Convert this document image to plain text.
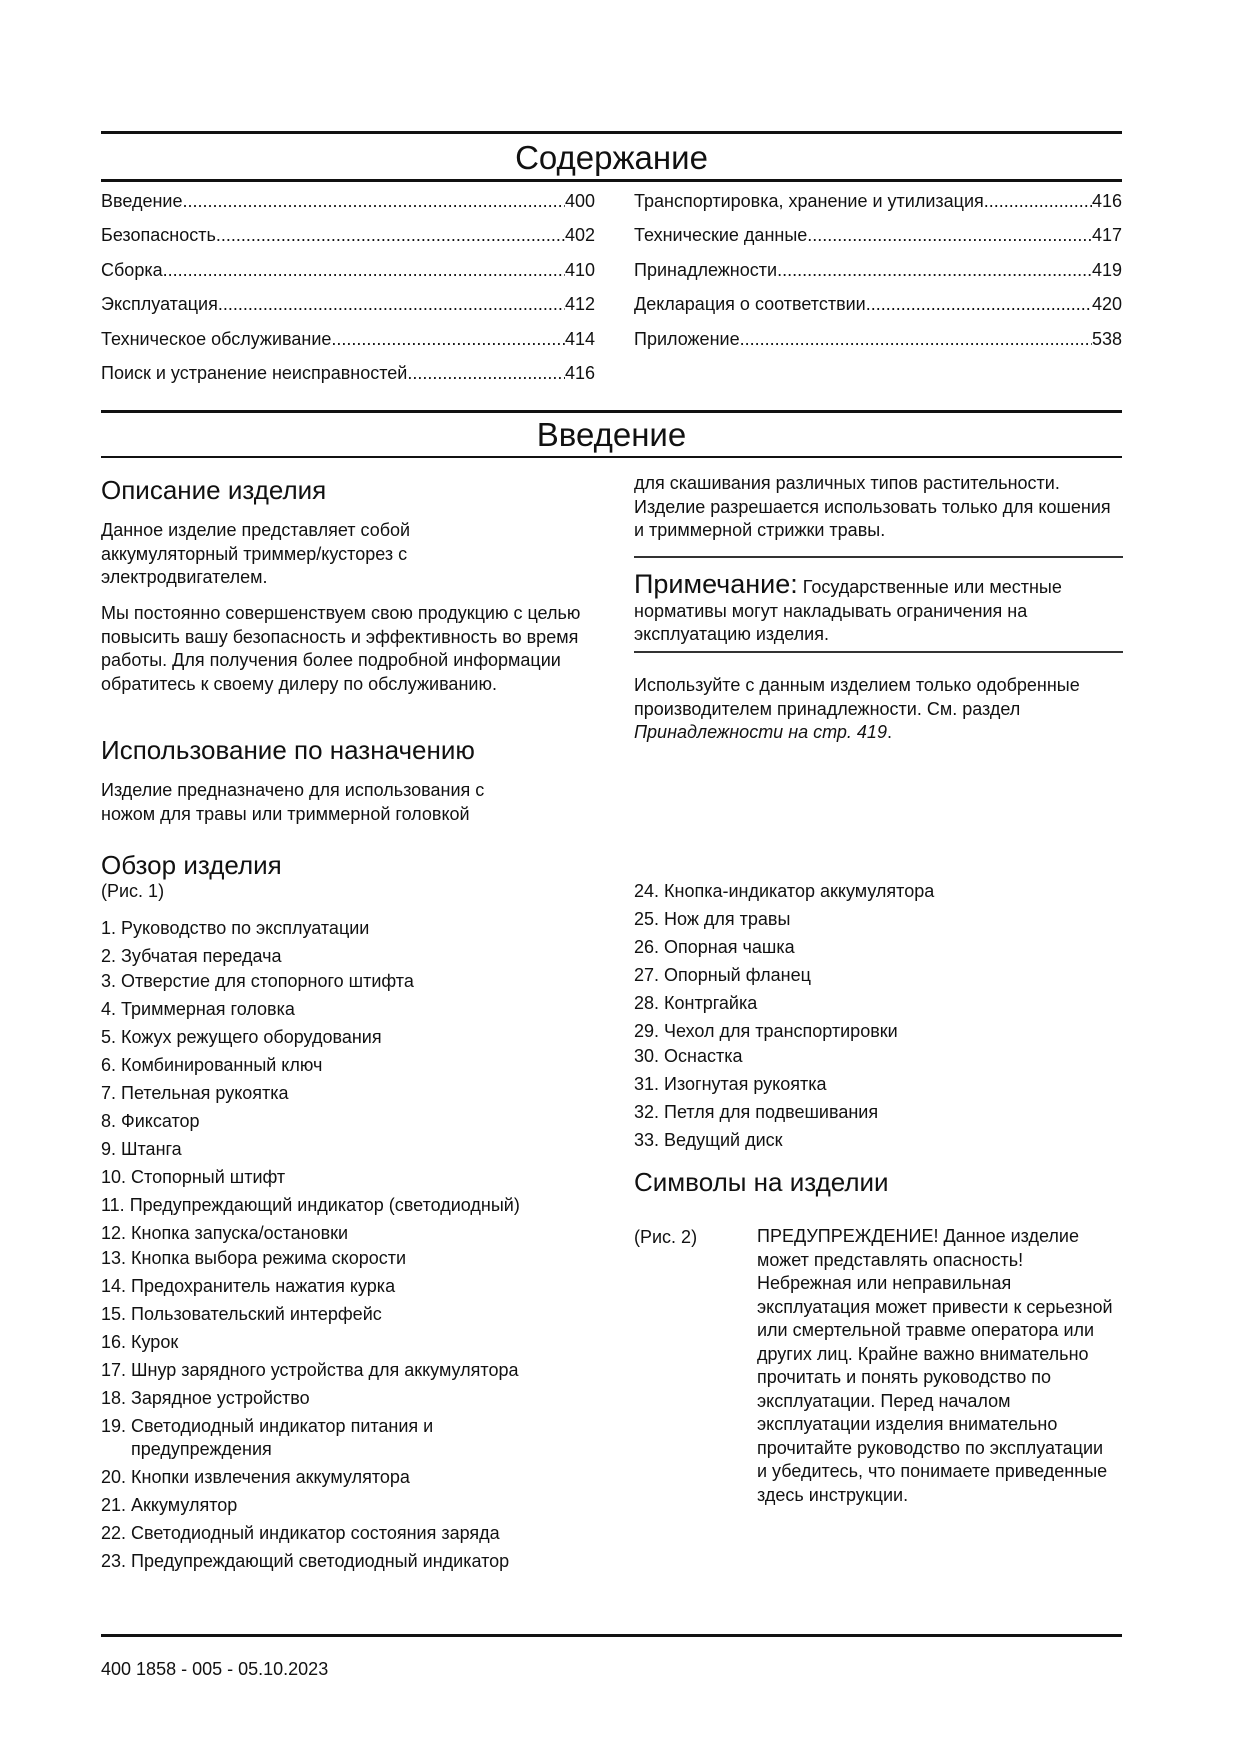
Содержание
Введение .....	400
Безопасность .....	402
Сборка .....	410
Эксплуатация .....	412
Техническое обслуживание .....	414
Поиск и устранение неисправностей .....	416
Транспортировка, хранение и утилизация .....	416
Технические данные .....	417
Принадлежности .....	419
Декларация о соответствии .....	420
Приложение .....	538
Введение
Описание изделия

Данное изделие представляет собой аккумуляторный триммер/кусторез с электродвигателем.

Мы постоянно совершенствуем свою продукцию с целью повысить вашу безопасность и эффективность во время работы. Для получения более подробной информации обратитесь к своему дилеру по обслуживанию.

Использование по назначению

Изделие предназначено для использования с ножом для травы или триммерной головкой

для скашивания различных типов растительности. Изделие разрешается использовать только для кошения и триммерной стрижки травы.

Примечание: Государственные или местные нормативы могут накладывать ограничения на эксплуатацию изделия.

Используйте с данным изделием только одобренные производителем принадлежности. См. раздел Принадлежности на стр. 419.

Обзор изделия
(Рис. 1)
1. Руководство по эксплуатации
2. Зубчатая передача
3. Отверстие для стопорного штифта
4. Триммерная головка
5. Кожух режущего оборудования
6. Комбинированный ключ
7. Петельная рукоятка
8. Фиксатор
9. Штанга
10. Стопорный штифт
11. Предупреждающий индикатор (светодиодный)
12. Кнопка запуска/остановки
13. Кнопка выбора режима скорости
14. Предохранитель нажатия курка
15. Пользовательский интерфейс
16. Курок
17. Шнур зарядного устройства для аккумулятора
18. Зарядное устройство
19. Светодиодный индикатор питания и
предупреждения
20. Кнопки извлечения аккумулятора
21. Аккумулятор
22. Светодиодный индикатор состояния заряда
23. Предупреждающий светодиодный индикатор
24. Кнопка-индикатор аккумулятора
25. Нож для травы
26. Опорная чашка
27. Опорный фланец
28. Контргайка
29. Чехол для транспортировки
30. Оснастка
31. Изогнутая рукоятка
32. Петля для подвешивания
33. Ведущий диск
Символы на изделии
(Рис. 2)	ПРЕДУПРЕЖДЕНИЕ! Данное изделие может представлять опасность! Небрежная или неправильная эксплуатация может привести к серьезной или смертельной травме оператора или других лиц. Крайне важно внимательно прочитать и понять руководство по эксплуатации. Перед началом эксплуатации изделия внимательно прочитайте руководство по эксплуатации и убедитесь, что понимаете приведенные здесь инструкции.

400 1858 - 005 - 05.10.2023
